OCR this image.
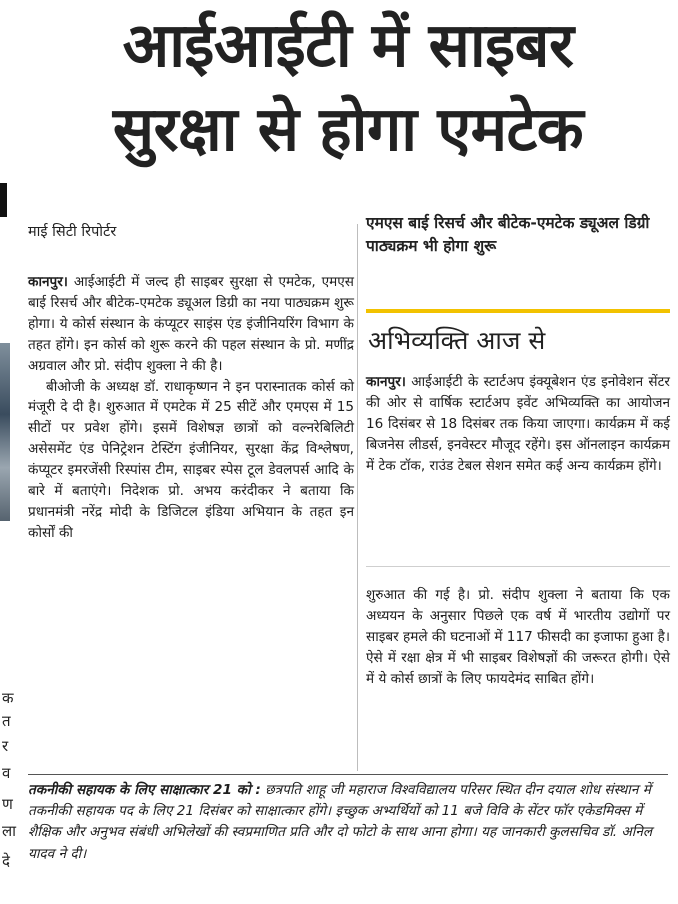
क
त
र
व
ण
ला
दे
आईआईटी में साइबर
सुरक्षा से होगा एमटेक
माई सिटी रिपोर्टर

कानपुर। आईआईटी में जल्द ही साइबर सुरक्षा से एमटेक, एमएस बाई रिसर्च और बीटेक-एमटेक ड्यूअल डिग्री का नया पाठ्यक्रम शुरू होगा। ये कोर्स संस्थान के कंप्यूटर साइंस एंड इंजीनियरिंग विभाग के तहत होंगे। इन कोर्स को शुरू करने की पहल संस्थान के प्रो. मणींद्र अग्रवाल और प्रो. संदीप शुक्ला ने की है।

बीओजी के अध्यक्ष डॉ. राधाकृष्णन ने इन परास्नातक कोर्स को मंजूरी दे दी है। शुरुआत में एमटेक में 25 सीटें और एमएस में 15 सीटों पर प्रवेश होंगे। इसमें विशेषज्ञ छात्रों को वल्नरेबिलिटी असेसमेंट एंड पेनिट्रेशन टेस्टिंग इंजीनियर, सुरक्षा केंद्र विश्लेषण, कंप्यूटर इमरजेंसी रिस्पांस टीम, साइबर स्पेस टूल डेवलपर्स आदि के बारे में बताएंगे। निदेशक प्रो. अभय करंदीकर ने बताया कि प्रधानमंत्री नरेंद्र मोदी के डिजिटल इंडिया अभियान के तहत इन कोर्सों की

एमएस बाई रिसर्च और बीटेक-एमटेक ड्यूअल डिग्री पाठ्यक्रम भी होगा शुरू
अभिव्यक्ति आज से
कानपुर। आईआईटी के स्टार्टअप इंक्यूबेशन एंड इनोवेशन सेंटर की ओर से वार्षिक स्टार्टअप इवेंट अभिव्यक्ति का आयोजन 16 दिसंबर से 18 दिसंबर तक किया जाएगा। कार्यक्रम में कई बिजनेस लीडर्स, इनवेस्टर मौजूद रहेंगे। इस ऑनलाइन कार्यक्रम में टेक टॉक, राउंड टेबल सेशन समेत कई अन्य कार्यक्रम होंगे।
शुरुआत की गई है। प्रो. संदीप शुक्ला ने बताया कि एक अध्ययन के अनुसार पिछले एक वर्ष में भारतीय उद्योगों पर साइबर हमले की घटनाओं में 117 फीसदी का इजाफा हुआ है। ऐसे में रक्षा क्षेत्र में भी साइबर विशेषज्ञों की जरूरत होगी। ऐसे में ये कोर्स छात्रों के लिए फायदेमंद साबित होंगे।
तकनीकी सहायक के लिए साक्षात्कार 21 को : छत्रपति शाहू जी महाराज विश्वविद्यालय परिसर स्थित दीन दयाल शोध संस्थान में तकनीकी सहायक पद के लिए 21 दिसंबर को साक्षात्कार होंगे। इच्छुक अभ्यर्थियों को 11 बजे विवि के सेंटर फॉर एकेडमिक्स में शैक्षिक और अनुभव संबंधी अभिलेखों की स्वप्रमाणित प्रति और दो फोटो के साथ आना होगा। यह जानकारी कुलसचिव डॉ. अनिल यादव ने दी।
